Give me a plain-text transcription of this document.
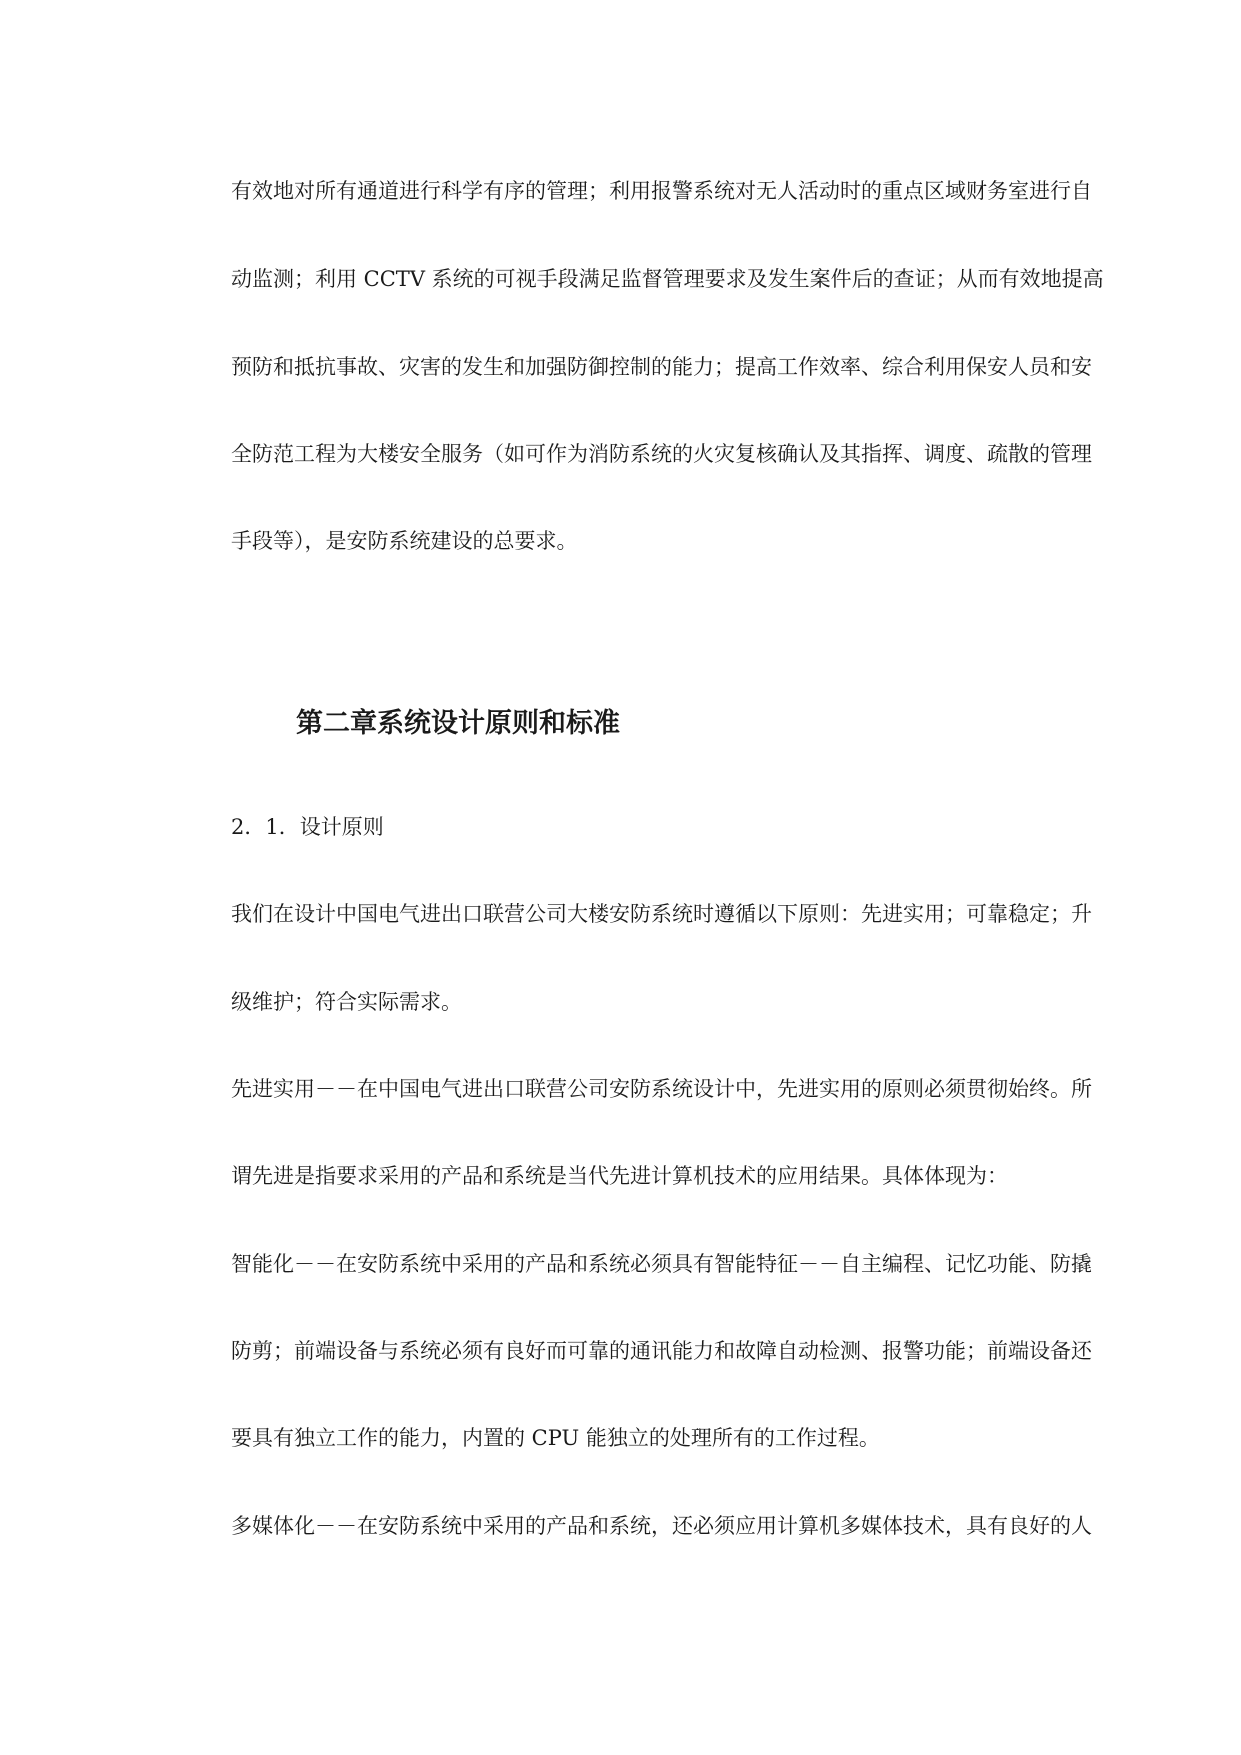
有效地对所有通道进行科学有序的管理；利用报警系统对无人活动时的重点区域财务室进行自
动监测；利用 CCTV 系统的可视手段满足监督管理要求及发生案件后的查证；从而有效地提高
预防和抵抗事故、灾害的发生和加强防御控制的能力；提高工作效率、综合利用保安人员和安
全防范工程为大楼安全服务（如可作为消防系统的火灾复核确认及其指挥、调度、疏散的管理
手段等），是安防系统建设的总要求。
第二章系统设计原则和标准
2．1．设计原则
我们在设计中国电气进出口联营公司大楼安防系统时遵循以下原则：先进实用；可靠稳定；升
级维护；符合实际需求。
先进实用－－在中国电气进出口联营公司安防系统设计中，先进实用的原则必须贯彻始终。所
谓先进是指要求采用的产品和系统是当代先进计算机技术的应用结果。具体体现为：
智能化－－在安防系统中采用的产品和系统必须具有智能特征－－自主编程、记忆功能、防撬
防剪；前端设备与系统必须有良好而可靠的通讯能力和故障自动检测、报警功能；前端设备还
要具有独立工作的能力，内置的 CPU 能独立的处理所有的工作过程。
多媒体化－－在安防系统中采用的产品和系统，还必须应用计算机多媒体技术，具有良好的人
